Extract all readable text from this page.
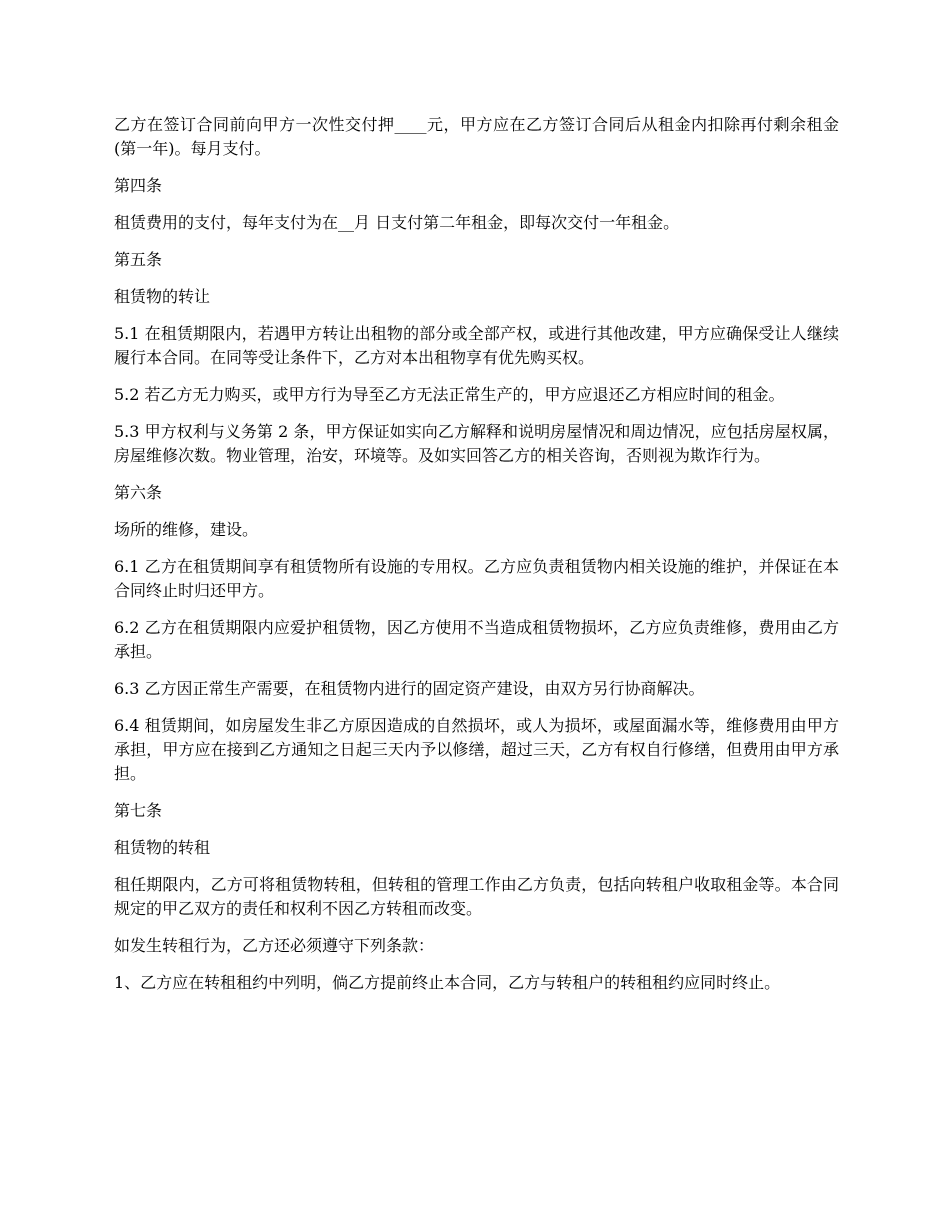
乙方在签订合同前向甲方一次性交付押____元，甲方应在乙方签订合同后从租金内扣除再付剩余租金(第一年)。每月支付。

第四条

租赁费用的支付，每年支付为在__月 日支付第二年租金，即每次交付一年租金。

第五条

租赁物的转让

5.1 在租赁期限内，若遇甲方转让出租物的部分或全部产权，或进行其他改建，甲方应确保受让人继续履行本合同。在同等受让条件下，乙方对本出租物享有优先购买权。

5.2 若乙方无力购买，或甲方行为导至乙方无法正常生产的，甲方应退还乙方相应时间的租金。

5.3 甲方权利与义务第 2 条，甲方保证如实向乙方解释和说明房屋情况和周边情况，应包括房屋权属，房屋维修次数。物业管理，治安，环境等。及如实回答乙方的相关咨询，否则视为欺诈行为。

第六条

场所的维修，建设。

6.1 乙方在租赁期间享有租赁物所有设施的专用权。乙方应负责租赁物内相关设施的维护，并保证在本合同终止时归还甲方。

6.2 乙方在租赁期限内应爱护租赁物，因乙方使用不当造成租赁物损坏，乙方应负责维修，费用由乙方承担。

6.3 乙方因正常生产需要，在租赁物内进行的固定资产建设，由双方另行协商解决。

6.4 租赁期间，如房屋发生非乙方原因造成的自然损坏，或人为损坏，或屋面漏水等，维修费用由甲方承担，甲方应在接到乙方通知之日起三天内予以修缮，超过三天，乙方有权自行修缮，但费用由甲方承担。

第七条

租赁物的转租

租任期限内，乙方可将租赁物转租，但转租的管理工作由乙方负责，包括向转租户收取租金等。本合同规定的甲乙双方的责任和权利不因乙方转租而改变。

如发生转租行为，乙方还必须遵守下列条款：

1、乙方应在转租租约中列明，倘乙方提前终止本合同，乙方与转租户的转租租约应同时终止。
